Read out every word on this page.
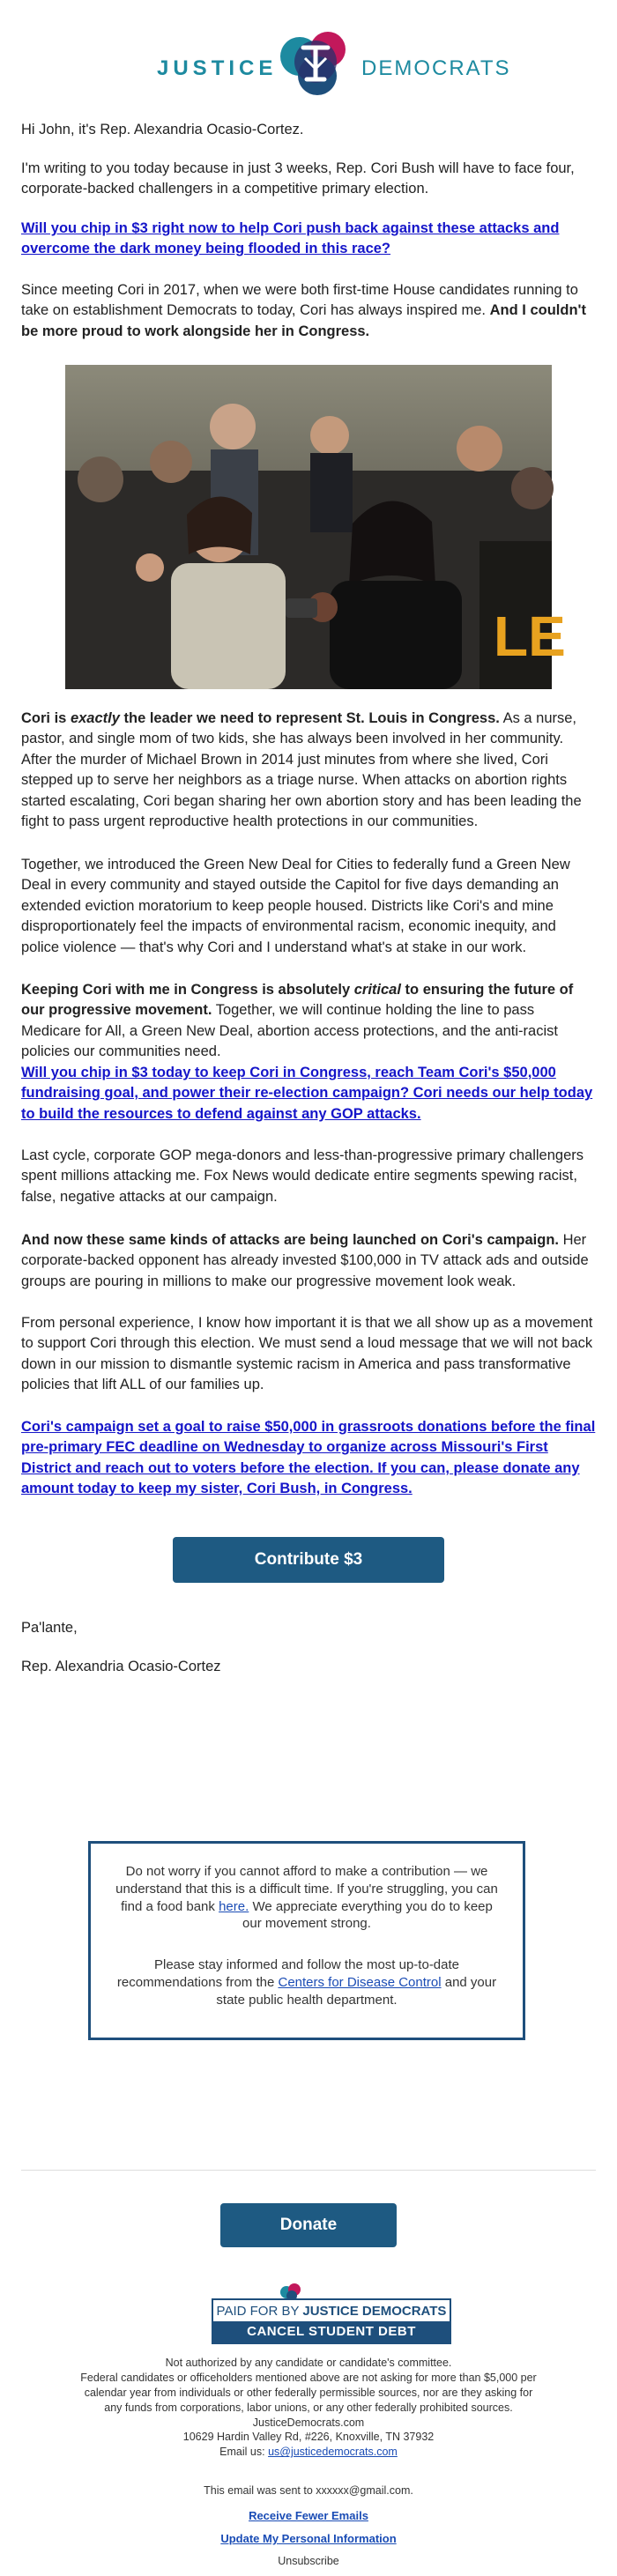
JUSTICE	DEMOCRATS

Hi John, it's Rep. Alexandria Ocasio-Cortez.

I'm writing to you today because in just 3 weeks, Rep. Cori Bush will have to face four, corporate-backed challengers in a competitive primary election.

Will you chip in $3 right now to help Cori push back against these attacks and overcome the dark money being flooded in this race?

Since meeting Cori in 2017, when we were both first-time House candidates running to take on establishment Democrats to today, Cori has always inspired me. And I couldn't be more proud to work alongside her in Congress.

LE

Cori is exactly the leader we need to represent St. Louis in Congress. As a nurse, pastor, and single mom of two kids, she has always been involved in her community. After the murder of Michael Brown in 2014 just minutes from where she lived, Cori stepped up to serve her neighbors as a triage nurse. When attacks on abortion rights started escalating, Cori began sharing her own abortion story and has been leading the fight to pass urgent reproductive health protections in our communities.

Together, we introduced the Green New Deal for Cities to federally fund a Green New Deal in every community and stayed outside the Capitol for five days demanding an extended eviction moratorium to keep people housed. Districts like Cori's and mine disproportionately feel the impacts of environmental racism, economic inequity, and police violence — that's why Cori and I understand what's at stake in our work.

Keeping Cori with me in Congress is absolutely critical to ensuring the future of our progressive movement. Together, we will continue holding the line to pass Medicare for All, a Green New Deal, abortion access protections, and the anti-racist policies our communities need.

Will you chip in $3 today to keep Cori in Congress, reach Team Cori's $50,000 fundraising goal, and power their re-election campaign? Cori needs our help today to build the resources to defend against any GOP attacks.

Last cycle, corporate GOP mega-donors and less-than-progressive primary challengers spent millions attacking me. Fox News would dedicate entire segments spewing racist, false, negative attacks at our campaign.

And now these same kinds of attacks are being launched on Cori's campaign. Her corporate-backed opponent has already invested $100,000 in TV attack ads and outside groups are pouring in millions to make our progressive movement look weak.

From personal experience, I know how important it is that we all show up as a movement to support Cori through this election. We must send a loud message that we will not back down in our mission to dismantle systemic racism in America and pass transformative policies that lift ALL of our families up.

Cori's campaign set a goal to raise $50,000 in grassroots donations before the final pre-primary FEC deadline on Wednesday to organize across Missouri's First District and reach out to voters before the election. If you can, please donate any amount today to keep my sister, Cori Bush, in Congress.
Contribute $3

Pa'lante,

Rep. Alexandria Ocasio-Cortez

Do not worry if you cannot afford to make a contribution — we understand that this is a difficult time. If you're struggling, you can find a food bank here. We appreciate everything you do to keep our movement strong.

Please stay informed and follow the most up-to-date recommendations from the Centers for Disease Control and your state public health department.

Donate
PAID FOR BY JUSTICE DEMOCRATS
CANCEL STUDENT DEBT

Not authorized by any candidate or candidate's committee.

Federal candidates or officeholders mentioned above are not asking for more than $5,000 per calendar year from individuals or other federally permissible sources, nor are they asking for any funds from corporations, labor unions, or any other federally prohibited sources.

JusticeDemocrats.com

10629 Hardin Valley Rd, #226, Knoxville, TN 37932

Email us: us@justicedemocrats.com

This email was sent to xxxxxx@gmail.com.

Receive Fewer Emails
Update My Personal Information
Unsubscribe
